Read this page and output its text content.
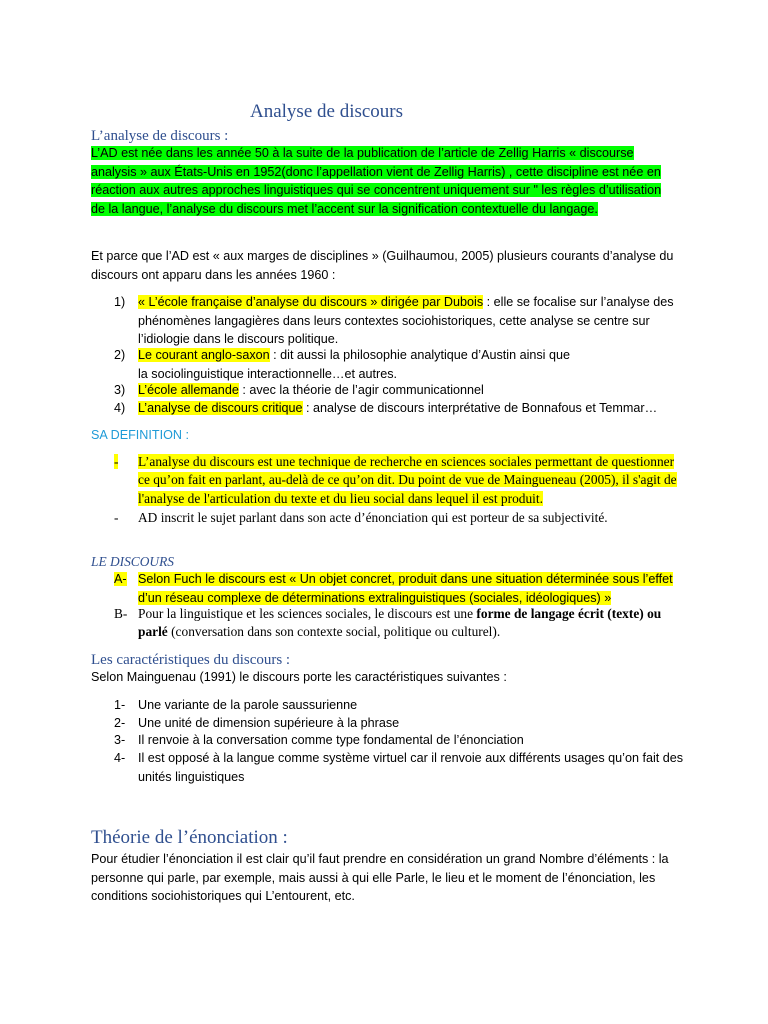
Analyse de discours
L’analyse de discours :

L’AD est née dans les année 50 à la suite de la publication de l’article de Zellig Harris « discourse analysis » aux États-Unis en 1952(donc l’appellation vient de Zellig Harris) , cette discipline est née en réaction aux autres approches linguistiques qui se concentrent uniquement sur " les règles d’utilisation de la langue, l’analyse du discours met l’accent sur la signification contextuelle du langage.

Et parce que l’AD est « aux marges de disciplines » (Guilhaumou, 2005) plusieurs courants d’analyse du discours ont apparu dans les années 1960 :

1)	« L’école française d’analyse du discours » dirigée par Dubois : elle se focalise sur l’analyse des phénomènes langagières dans leurs contextes sociohistoriques, cette analyse se centre sur l’idiologie dans le discours politique.
2)	Le courant anglo-saxon : dit aussi la philosophie analytique d’Austin ainsi que la sociolinguistique interactionnelle…et autres.
3)	L’école allemande : avec la théorie de l’agir communicationnel
4)	L’analyse de discours critique : analyse de discours interprétative de Bonnafous et Temmar…
SA DEFINITION :
-	L’analyse du discours est une technique de recherche en sciences sociales permettant de questionner ce qu’on fait en parlant, au-delà de ce qu’on dit. Du point de vue de Maingueneau (2005), il s'agit de l'analyse de l'articulation du texte et du lieu social dans lequel il est produit.
-	AD inscrit le sujet parlant dans son acte d’énonciation qui est porteur de sa subjectivité.
LE DISCOURS
A- Selon Fuch le discours est « Un objet concret, produit dans une situation déterminée sous l’effet d’un réseau complexe de déterminations extralinguistiques (sociales, idéologiques) »
B- Pour la linguistique et les sciences sociales, le discours est une forme de langage écrit (texte) ou parlé (conversation dans son contexte social, politique ou culturel).
Les caractéristiques du discours :

Selon Mainguenau (1991) le discours porte les caractéristiques suivantes :

1-	Une variante de la parole saussurienne
2-	Une unité de dimension supérieure à la phrase
3-	Il renvoie à la conversation comme type fondamental de l’énonciation
4-	Il est opposé à la langue comme système virtuel car il renvoie aux différents usages qu’on fait des unités linguistiques
Théorie de l’énonciation :

Pour étudier l’énonciation il est clair qu’il faut prendre en considération un grand Nombre d’éléments : la personne qui parle, par exemple, mais aussi à qui elle Parle, le lieu et le moment de l’énonciation, les conditions sociohistoriques qui L’entourent, etc.
